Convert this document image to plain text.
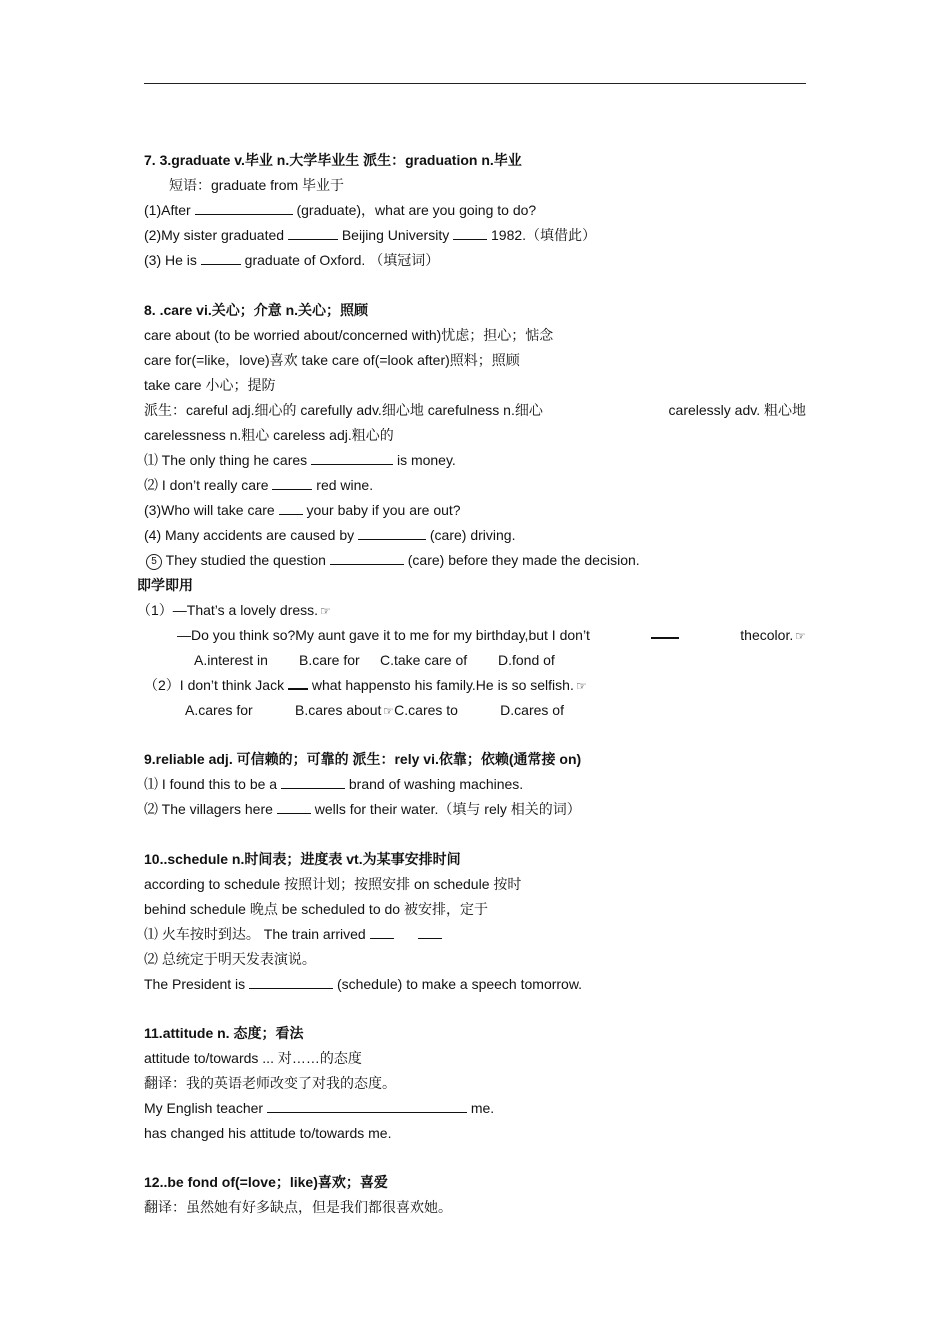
7. 3.graduate v.毕业 n.大学毕业生 派生：graduation n.毕业
短语：graduate from 毕业于
(1)After	(graduate)，what are you going to do?
(2)My sister graduated	Beijing University  1982.（填借此）
(3) He is	graduate of Oxford. （填冠词）
8. .care vi.关心；介意 n.关心；照顾
care about (to be worried about/concerned with)忧虑；担心；惦念
care for(=like，love)喜欢 take care of(=look after)照料；照顾
take care 小心；提防
派生：careful adj.细心的 carefully adv.细心地 carefulness n.细心	carelessly adv. 粗心地
carelessness n.粗心 careless adj.粗心的
⑴ The only thing he cares	is money.
⑵ I don’t really care	red wine.
(3)Who will take care  your baby if you are out?
(4) Many accidents are caused by	(care) driving.
5 They studied the question	(care) before they made the decision.
即学即用
（1）—That’s a lovely dress. ☜
—Do you think so?My aunt gave it to me for my birthday,but I don’t	thecolor. ☜
A.interest in B.care for C.take care of D.fond of
（2）I don’t think Jack  what happensto his family.He is so selfish. ☜
A.cares for	B.cares about ☜C.cares to	D.cares of
9.reliable adj. 可信赖的；可靠的 派生：rely vi.依靠；依赖(通常接 on)
⑴ I found this to be a	brand of washing machines.
⑵ The villagers here  wells for their water.（填与 rely 相关的词）
10..schedule n.时间表；进度表 vt.为某事安排时间
according to schedule 按照计划；按照安排 on schedule 按时
behind schedule 晚点 be scheduled to do 被安排，定于
⑴ 火车按时到达。 The train arrived
⑵ 总统定于明天发表演说。
The President is	(schedule) to make a speech tomorrow.
11.attitude n. 态度；看法
attitude to/towards ... 对……的态度
翻译：我的英语老师改变了对我的态度。
My English teacher	me.
has changed his attitude to/towards me.
12..be fond of(=love；like)喜欢；喜爱
翻译：虽然她有好多缺点，但是我们都很喜欢她。
